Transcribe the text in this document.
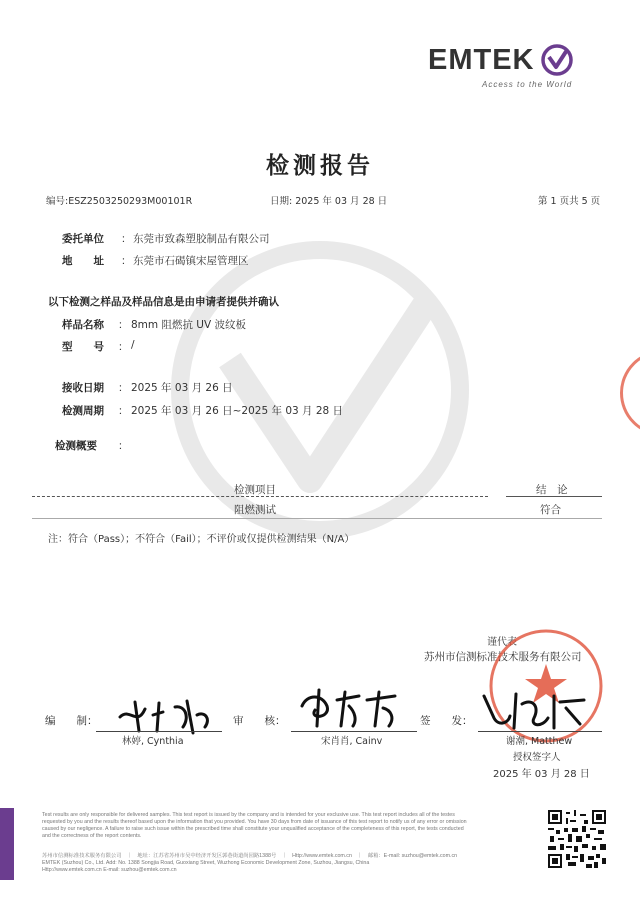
EMTEK
Access to the World
检测报告
编号:ESZ2503250293M00101R	日期: 2025 年 03 月 28 日	第 1 页共 5 页
委托单位 ： 东莞市致森塑胶制品有限公司
地　　址 ： 东莞市石碣镇宋屋管理区
以下检测之样品及样品信息是由申请者提供并确认
样品名称 ： 8mm 阻燃抗 UV 波纹板
型　　号 ： /
接收日期 ： 2025 年 03 月 26 日
检测周期 ： 2025 年 03 月 26 日~2025 年 03 月 28 日
检测概要 ：
检测项目	结　论
阻燃测试	符合
注：符合（Pass）；不符合（Fail）；不评价或仅提供检测结果（N/A）
谨代表
苏州市信测标准技术服务有限公司
编　　制：
林婷, Cynthia
审　　核：
宋肖肖, Cainv
签　　发：
谢潮, Matthew
授权签字人
2025 年 03 月 28 日
Test results are only responsible for delivered samples. This test report is issued by the company and is intended for your exclusive use. This test report includes all of the testes
requested by you and the results thereof based upon the information that you provided. You have 30 days from date of issuance of this test report to notify us of any error or omission
caused by our negligence. A failure to raise such issue within the prescribed time shall constitute your unqualified acceptance of the completeness of this report, the tests conducted
and the correctness of the report contents.
苏州市信测标准技术服务有限公司　｜　地址：江苏省苏州市吴中经济开发区郭巷街道尚园路1388号　｜　Http://www.emtek.com.cn　｜　邮箱：E-mail: suzhou@emtek.com.cn
EMTEK (Suzhou) Co., Ltd. Add: No. 1388 Songjia Road, Guoxiang Street, Wuzhong Economic Development Zone, Suzhou, Jiangsu, China
Http://www.emtek.com.cn E-mail: suzhou@emtek.com.cn
